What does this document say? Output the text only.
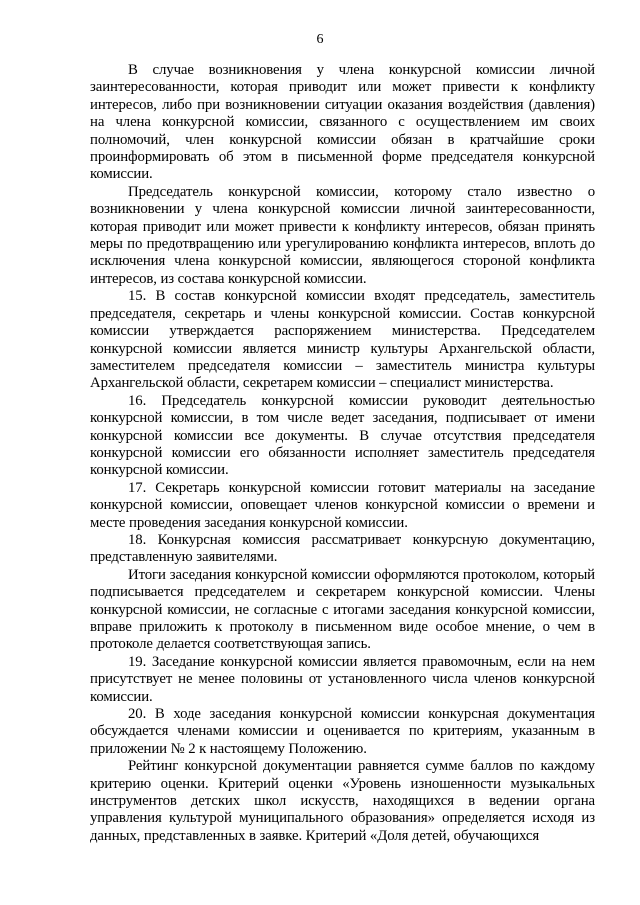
6

В случае возникновения у члена конкурсной комиссии личной заинтересованности, которая приводит или может привести к конфликту интересов, либо при возникновении ситуации оказания воздействия (давления) на члена конкурсной комиссии, связанного с осуществлением им своих полномочий, член конкурсной комиссии обязан в кратчайшие сроки проинформировать об этом в письменной форме председателя конкурсной комиссии.

Председатель конкурсной комиссии, которому стало известно о возникновении у члена конкурсной комиссии личной заинтересованности, которая приводит или может привести к конфликту интересов, обязан принять меры по предотвращению или урегулированию конфликта интересов, вплоть до исключения члена конкурсной комиссии, являющегося стороной конфликта интересов, из состава конкурсной комиссии.

15. В состав конкурсной комиссии входят председатель, заместитель председателя, секретарь и члены конкурсной комиссии. Состав конкурсной комиссии утверждается распоряжением министерства. Председателем конкурсной комиссии является министр культуры Архангельской области, заместителем председателя комиссии – заместитель министра культуры Архангельской области, секретарем комиссии – специалист министерства.

16. Председатель конкурсной комиссии руководит деятельностью конкурсной комиссии, в том числе ведет заседания, подписывает от имени конкурсной комиссии все документы. В случае отсутствия председателя конкурсной комиссии его обязанности исполняет заместитель председателя конкурсной комиссии.

17. Секретарь конкурсной комиссии готовит материалы на заседание конкурсной комиссии, оповещает членов конкурсной комиссии о времени и месте проведения заседания конкурсной комиссии.

18. Конкурсная комиссия рассматривает конкурсную документацию, представленную заявителями.

Итоги заседания конкурсной комиссии оформляются протоколом, который подписывается председателем и секретарем конкурсной комиссии. Члены конкурсной комиссии, не согласные с итогами заседания конкурсной комиссии, вправе приложить к протоколу в письменном виде особое мнение, о чем в протоколе делается соответствующая запись.

19. Заседание конкурсной комиссии является правомочным, если на нем присутствует не менее половины от установленного числа членов конкурсной комиссии.

20. В ходе заседания конкурсной комиссии конкурсная документация обсуждается членами комиссии и оценивается по критериям, указанным в приложении № 2 к настоящему Положению.

Рейтинг конкурсной документации равняется сумме баллов по каждому критерию оценки. Критерий оценки «Уровень изношенности музыкальных инструментов детских школ искусств, находящихся в ведении органа управления культурой муниципального образования» определяется исходя из данных, представленных в заявке. Критерий «Доля детей, обучающихся
